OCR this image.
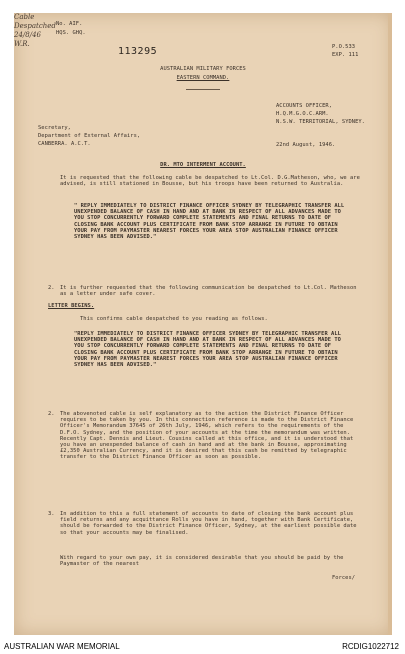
No. AIF.
HQS. GHQ.
113295	P.O.533
EXP. 111
AUSTRALIAN MILITARY FORCES
EASTERN COMMAND.
ACCOUNTS OFFICER,
H.Q.M.G.O.C.ARM.
N.S.W. TERRITORIAL, SYDNEY.
Secretary,
Department of External Affairs,
CANBERRA. A.C.T.	22nd August, 1946.
DR. MTO INTERMENT ACCOUNT.
It is requested that the following cable be despatched to Lt.Col. D.G.Matheson, who, we are advised, is still stationed in Bousse, but his troops have been returned to Australia.
" REPLY IMMEDIATELY TO DISTRICT FINANCE OFFICER SYDNEY BY TELEGRAPHIC TRANSFER ALL UNEXPENDED BALANCE OF CASH IN HAND AND AT BANK IN RESPECT OF ALL ADVANCES MADE TO YOU STOP CONCURRENTLY FORWARD COMPLETE STATEMENTS AND FINAL RETURNS TO DATE OF CLOSING BANK ACCOUNT PLUS CERTIFICATE FROM BANK STOP ARRANGE IN FUTURE TO OBTAIN YOUR PAY FROM PAYMASTER NEAREST FORCES YOUR AREA STOP AUSTRALIAN FINANCE OFFICER SYDNEY HAS BEEN ADVISED."
Cable
Despatched
24/8/46
W.R.
2. It is further requested that the following communication be despatched to Lt.Col. Matheson as a letter under safe cover.
LETTER BEGINS.
This confirms cable despatched to you reading as follows.
"REPLY IMMEDIATELY TO DISTRICT FINANCE OFFICER SYDNEY BY TELEGRAPHIC TRANSFER ALL UNEXPENDED BALANCE OF CASH IN HAND AND AT BANK IN RESPECT OF ALL ADVANCES MADE TO YOU STOP CONCURRENTLY FORWARD COMPLETE STATEMENTS AND FINAL RETURNS TO DATE OF CLOSING BANK ACCOUNT PLUS CERTIFICATE FROM BANK STOP ARRANGE IN FUTURE TO OBTAIN YOUR PAY FROM PAYMASTER NEAREST FORCES YOUR AREA STOP AUSTRALIAN FINANCE OFFICER SYDNEY HAS BEEN ADVISED."
2. The abovenoted cable is self explanatory as to the action the District Finance Officer requires to be taken by you. In this connection reference is made to the District Finance Officer's Memorandum 37645 of 26th July, 1946, which refers to the requirements of the D.F.O. Sydney, and the position of your accounts at the time the memorandum was written. Recently Capt. Dennis and Lieut. Cousins called at this office, and it is understood that you have an unexpended balance of cash in hand and at the bank in Bousse, approximating £2,350 Australian Currency, and it is desired that this cash be remitted by telegraphic transfer to the District Finance Officer as soon as possible.
3. In addition to this a full statement of accounts to date of closing the bank account plus field returns and any acquittance Rolls you have in hand, together with Bank Certificate, should be forwarded to the District Finance Officer, Sydney, at the earliest possible date so that your accounts may be finalised.
With regard to your own pay, it is considered desirable that you should be paid by the Paymaster of the nearest
Forces/
AUSTRALIAN WAR MEMORIAL	RCDIG1022712
